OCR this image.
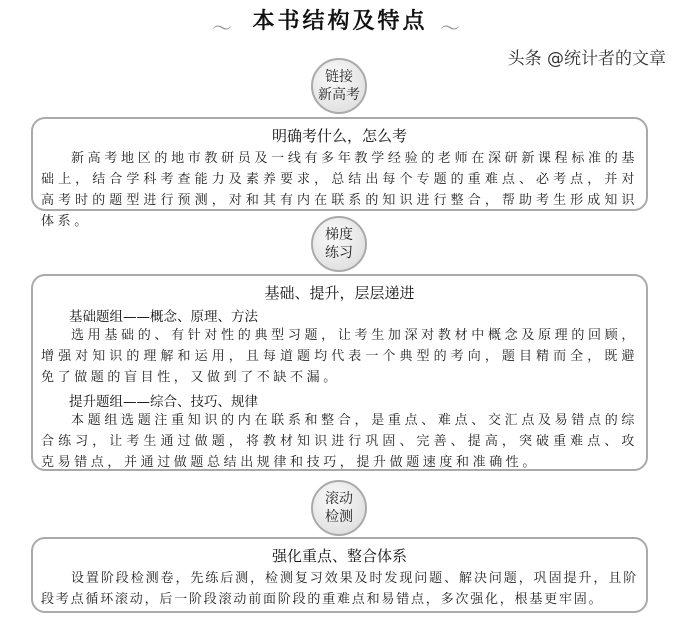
〜 本书结构及特点 〜
链接
新高考
明确考什么，怎么考

新高考地区的地市教研员及一线有多年教学经验的老师在深研新课程标准的基础上，结合学科考查能力及素养要求，总结出每个专题的重难点、必考点，并对高考时的题型进行预测，对和其有内在联系的知识进行整合，帮助考生形成知识体系。

梯度
练习
基础、提升，层层递进
基础题组——概念、原理、方法

选用基础的、有针对性的典型习题，让考生加深对教材中概念及原理的回顾，增强对知识的理解和运用，且每道题均代表一个典型的考向，题目精而全，既避免了做题的盲目性，又做到了不缺不漏。

提升题组——综合、技巧、规律

本题组选题注重知识的内在联系和整合，是重点、难点、交汇点及易错点的综合练习，让考生通过做题，将教材知识进行巩固、完善、提高，突破重难点、攻克易错点，并通过做题总结出规律和技巧，提升做题速度和准确性。

滚动
检测
强化重点、整合体系

设置阶段检测卷，先练后测，检测复习效果及时发现问题、解决问题，巩固提升，且阶段考点循环滚动，后一阶段滚动前面阶段的重难点和易错点，多次强化，根基更牢固。

头条 @统计者的文章
